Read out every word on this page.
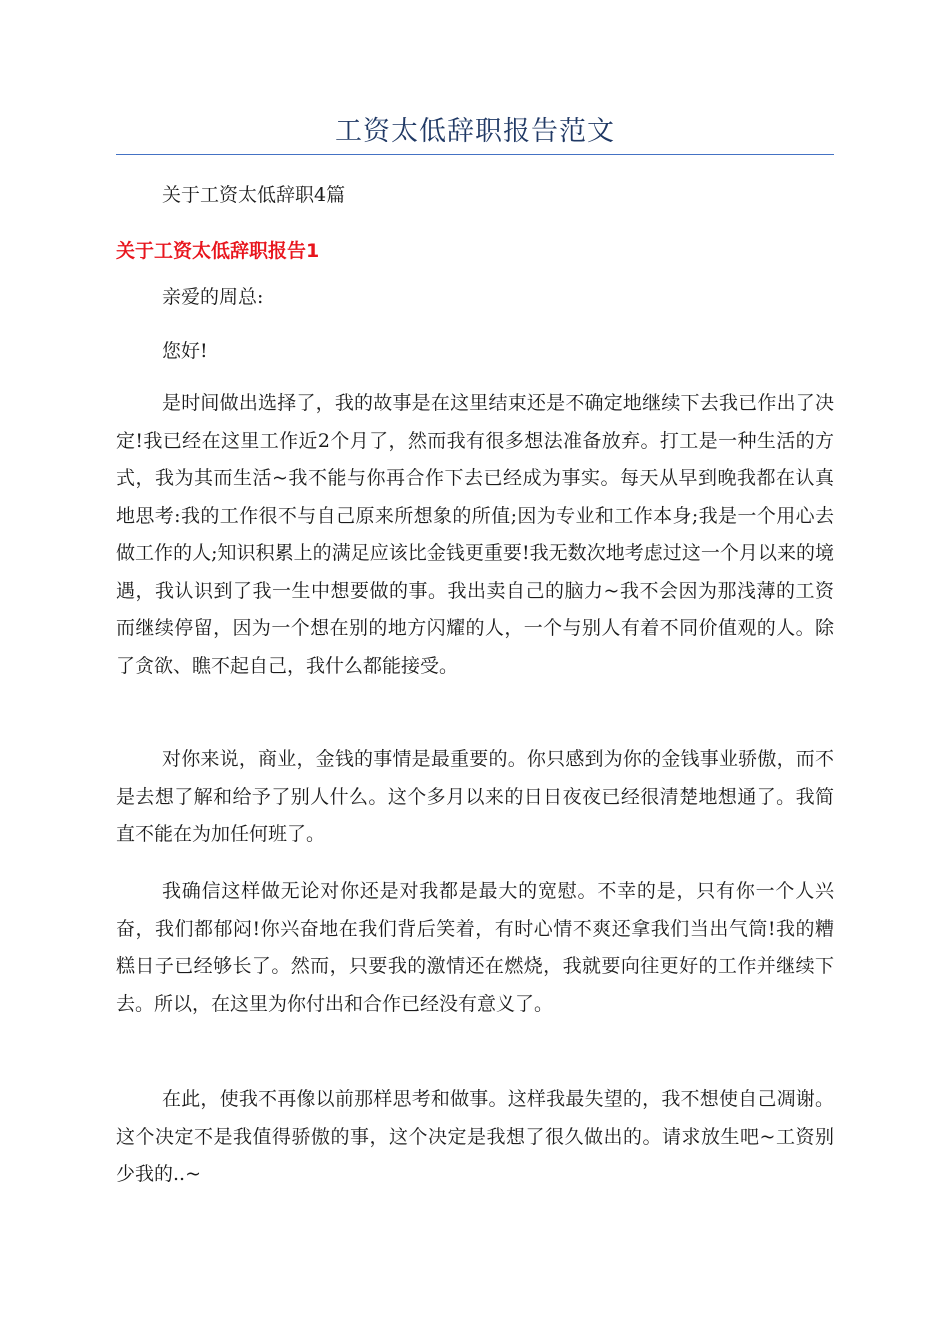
工资太低辞职报告范文
关于工资太低辞职4篇
关于工资太低辞职报告1
亲爱的周总:
您好!

是时间做出选择了，我的故事是在这里结束还是不确定地继续下去我已作出了决定!我已经在这里工作近2个月了，然而我有很多想法准备放弃。打工是一种生活的方式，我为其而生活~我不能与你再合作下去已经成为事实。每天从早到晚我都在认真地思考:我的工作很不与自己原来所想象的所值;因为专业和工作本身;我是一个用心去做工作的人;知识积累上的满足应该比金钱更重要!我无数次地考虑过这一个月以来的境遇，我认识到了我一生中想要做的事。我出卖自己的脑力~我不会因为那浅薄的工资而继续停留，因为一个想在别的地方闪耀的人，一个与别人有着不同价值观的人。除了贪欲、瞧不起自己，我什么都能接受。

对你来说，商业，金钱的事情是最重要的。你只感到为你的金钱事业骄傲，而不是去想了解和给予了别人什么。这个多月以来的日日夜夜已经很清楚地想通了。我简直不能在为加任何班了。

我确信这样做无论对你还是对我都是最大的宽慰。不幸的是，只有你一个人兴奋，我们都郁闷!你兴奋地在我们背后笑着，有时心情不爽还拿我们当出气筒!我的糟糕日子已经够长了。然而，只要我的激情还在燃烧，我就要向往更好的工作并继续下去。所以，在这里为你付出和合作已经没有意义了。

在此，使我不再像以前那样思考和做事。这样我最失望的，我不想使自己凋谢。这个决定不是我值得骄傲的事，这个决定是我想了很久做出的。请求放生吧~工资别少我的..~
